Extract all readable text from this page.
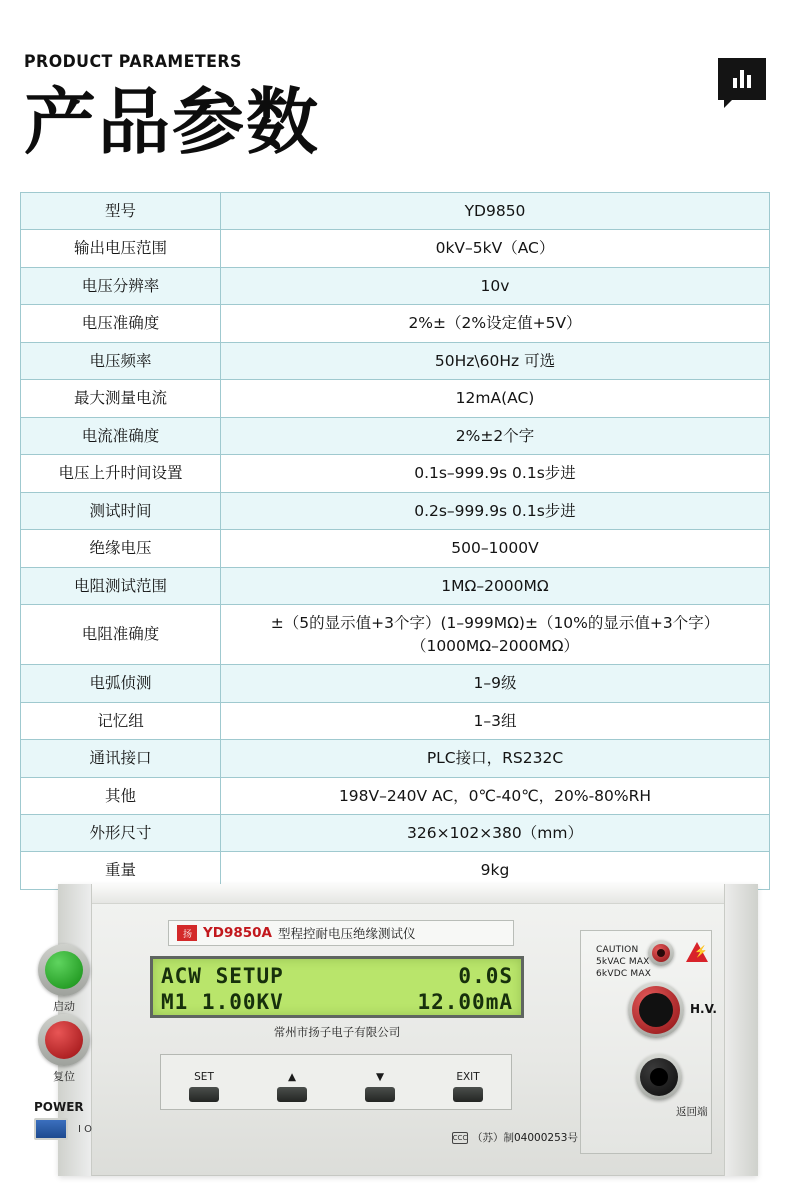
PRODUCT PARAMETERS
产品参数
型号	YD9850
输出电压范围	0kV–5kV（AC）
电压分辨率	10v
电压准确度	2%±（2%设定值+5V）
电压频率	50Hz\60Hz 可选
最大测量电流	12mA(AC)
电流准确度	2%±2个字
电压上升时间设置	0.1s–999.9s 0.1s步进
测试时间	0.2s–999.9s 0.1s步进
绝缘电压	500–1000V
电阻测试范围	1MΩ–2000MΩ
电阻准确度	±（5的显示值+3个字）(1–999MΩ)±（10%的显示值+3个字）
（1000MΩ–2000MΩ）

电弧侦测	1–9级
记忆组	1–3组
通讯接口	PLC接口，RS232C
其他	198V–240V AC，0℃-40℃，20%-80%RH
外形尺寸	326×102×380（mm）
重量	9kg
扬 YD9850A 型程控耐电压绝缘测试仪
ACW SETUP	0.0S
M1 1.00KV	12.00mA
常州市扬子电子有限公司
SET	▲	▼	EXIT
启动
复位
POWER
I O
CAUTION
5kVAC MAX
6kVDC MAX
⚡
H.V.
返回端
CCC （苏）制04000253号
